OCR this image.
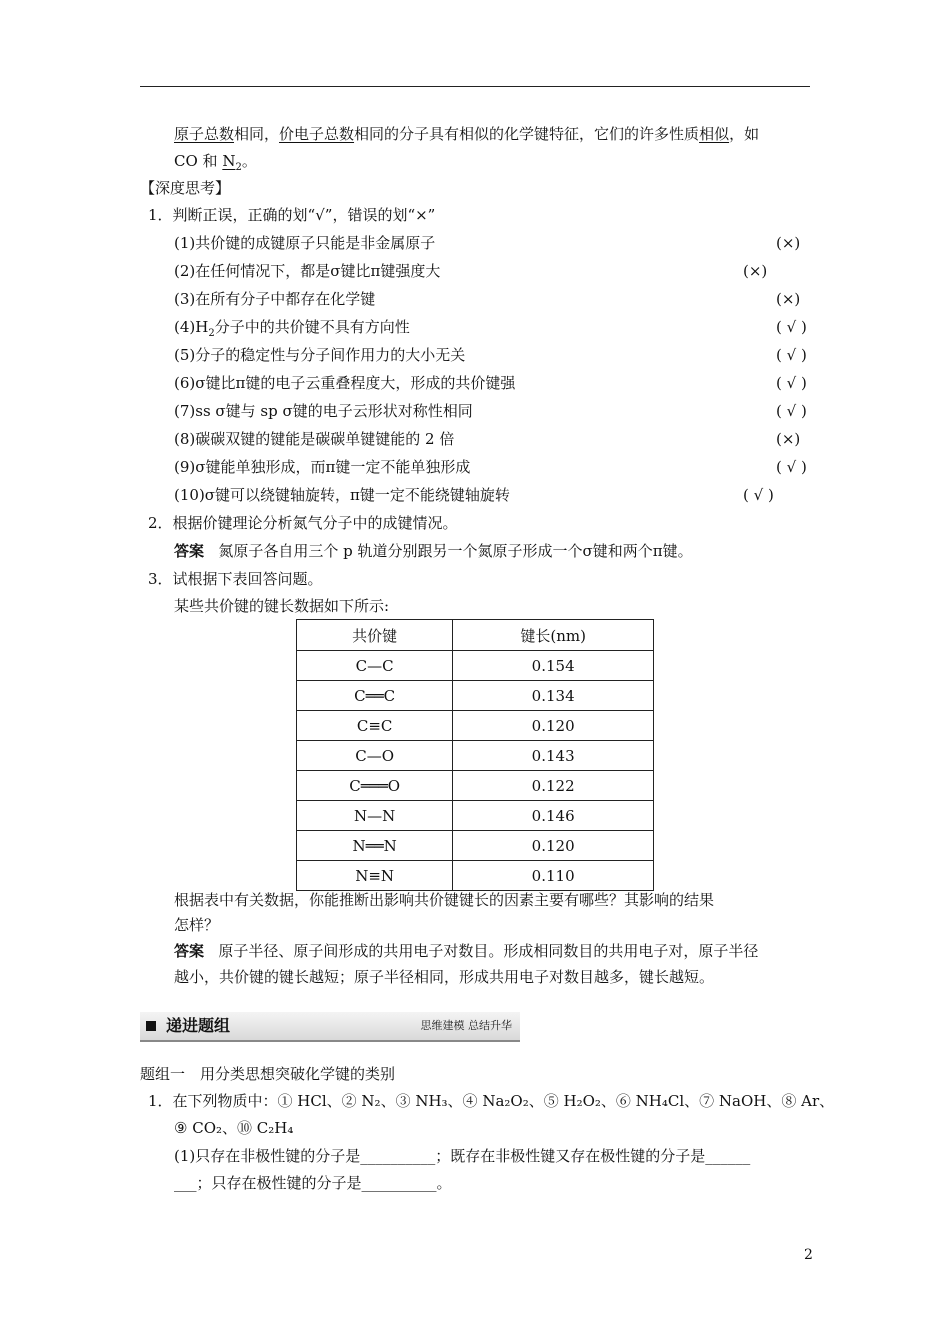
原子总数相同，价电子总数相同的分子具有相似的化学键特征，它们的许多性质相似，如
CO 和 $N_2$。
【深度思考】
1．判断正误，正确的划“√”，错误的划“×”
(1)共价键的成键原子只能是非金属原子	(×)
(2)在任何情况下，都是σ键比π键强度大	(×)
(3)在所有分子中都存在化学键	(×)
$(4)H_2$分子中的共价键不具有方向性	( √ )
(5)分子的稳定性与分子间作用力的大小无关	( √ )
(6)σ键比π键的电子云重叠程度大，形成的共价键强	( √ )
(7)ss σ键与 sp σ键的电子云形状对称性相同	( √ )
(8)碳碳双键的键能是碳碳单键键能的 2 倍	(×)
(9)σ键能单独形成，而π键一定不能单独形成	( √ )
(10)σ键可以绕键轴旋转，π键一定不能绕键轴旋转	( √ )
2．根据价键理论分析氮气分子中的成键情况。
答案 氮原子各自用三个 p 轨道分别跟另一个氮原子形成一个σ键和两个π键。
3．试根据下表回答问题。
某些共价键的键长数据如下所示:
共价键	键长(nm)
C—C	0.154
C══C	0.134
C≡C	0.120
C—O	0.143
C═══O	0.122
N—N	0.146
N══N	0.120
N≡N	0.110
根据表中有关数据，你能推断出影响共价键键长的因素主要有哪些？其影响的结果
怎样？
答案 原子半径、原子间形成的共用电子对数目。形成相同数目的共用电子对，原子半径
越小，共价键的键长越短；原子半径相同，形成共用电子对数目越多，键长越短。
递进题组	思维建模 总结升华
题组一　用分类思想突破化学键的类别
1．在下列物质中：① HCl、② N₂、③ NH₃、④ Na₂O₂、⑤ H₂O₂、⑥ NH₄Cl、⑦ NaOH、⑧ Ar、
⑨ CO₂、⑩ C₂H₄
(1)只存在非极性键的分子是__________；既存在非极性键又存在极性键的分子是______
___；只存在极性键的分子是__________。
2
